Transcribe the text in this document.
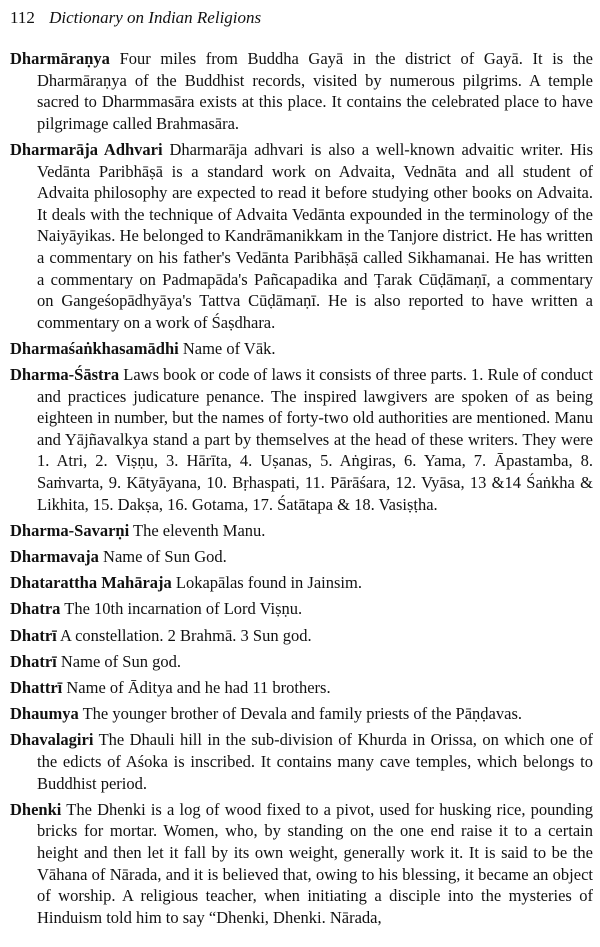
112 Dictionary on Indian Religions

Dharmāraṇya Four miles from Buddha Gayā in the district of Gayā. It is the Dharmāraṇya of the Buddhist records, visited by numerous pilgrims. A temple sacred to Dharmmasāra exists at this place. It contains the celebrated place to have pilgrimage called Brahmasāra.

Dharmarāja Adhvari Dharmarāja adhvari is also a well-known advaitic writer. His Vedānta Paribhāṣā is a standard work on Advaita, Vednāta and all student of Advaita philosophy are expected to read it before studying other books on Advaita. It deals with the technique of Advaita Vedānta expounded in the terminology of the Naiyāyikas. He belonged to Kandrāmanikkam in the Tanjore district. He has written a commentary on his father's Vedānta Paribhāṣā called Sikhamanai. He has written a commentary on Padmapāda's Pañcapadika and Ṭarak Cūḍāmaṇī, a commentary on Gangeśopādhyāya's Tattva Cūḍāmaṇī. He is also reported to have written a commentary on a work of Śaṣdhara.

Dharmaśaṅkhasamādhi Name of Vāk.

Dharma-Śāstra Laws book or code of laws it consists of three parts. 1. Rule of conduct and practices judicature penance. The inspired lawgivers are spoken of as being eighteen in number, but the names of forty-two old authorities are mentioned. Manu and Yājñavalkya stand a part by themselves at the head of these writers. They were 1. Atri, 2. Viṣṇu, 3. Hārīta, 4. Uṣanas, 5. Aṅgiras, 6. Yama, 7. Āpastamba, 8. Saṁvarta, 9. Kātyāyana, 10. Bṛhaspati, 11. Pārāśara, 12. Vyāsa, 13 &14 Śaṅkha & Likhita, 15. Dakṣa, 16. Gotama, 17. Śatātapa & 18. Vasiṣṭha.

Dharma-Savarṇi The eleventh Manu.

Dharmavaja Name of Sun God.

Dhatarattha Mahāraja Lokapālas found in Jainsim.

Dhatra The 10th incarnation of Lord Viṣṇu.

Dhatrī A constellation. 2 Brahmā. 3 Sun god.

Dhatrī Name of Sun god.

Dhattrī Name of Āditya and he had 11 brothers.

Dhaumya The younger brother of Devala and family priests of the Pāṇḍavas.

Dhavalagiri The Dhauli hill in the sub-division of Khurda in Orissa, on which one of the edicts of Aśoka is inscribed. It contains many cave temples, which belongs to Buddhist period.

Dhenki The Dhenki is a log of wood fixed to a pivot, used for husking rice, pounding bricks for mortar. Women, who, by standing on the one end raise it to a certain height and then let it fall by its own weight, generally work it. It is said to be the Vāhana of Nārada, and it is believed that, owing to his blessing, it became an object of worship. A religious teacher, when initiating a disciple into the mysteries of Hinduism told him to say “Dhenki, Dhenki. Nārada,
